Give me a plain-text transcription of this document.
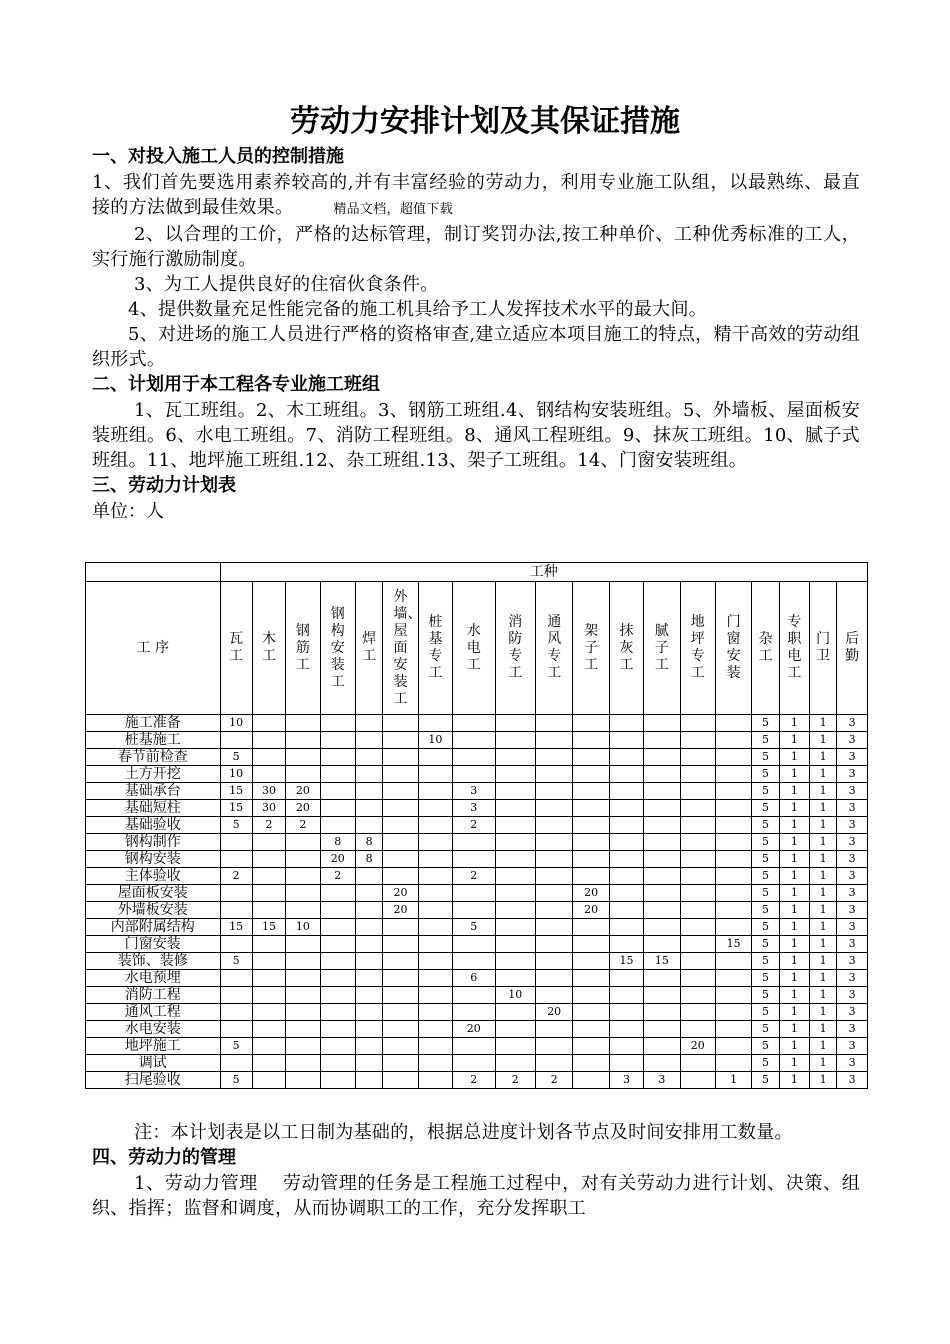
劳动力安排计划及其保证措施

一、对投入施工人员的控制措施

1、我们首先要选用素养较高的,并有丰富经验的劳动力，利用专业施工队组，以最熟练、最直接的方法做到最佳效果。	精品文档，超值下载

2、以合理的工价，严格的达标管理，制订奖罚办法,按工种单价、工种优秀标准的工人，实行施行激励制度。

3、为工人提供良好的住宿伙食条件。

4、提供数量充足性能完备的施工机具给予工人发挥技术水平的最大间。

5、对进场的施工人员进行严格的资格审查,建立适应本项目施工的特点，精干高效的劳动组织形式。

二、计划用于本工程各专业施工班组

1、瓦工班组。2、木工班组。3、钢筋工班组.4、钢结构安装班组。5、外墙板、屋面板安装班组。6、水电工班组。7、消防工程班组。8、通风工程班组。9、抹灰工班组。10、腻子式班组。11、地坪施工班组.12、杂工班组.13、架子工班组。14、门窗安装班组。

三、劳动力计划表

单位：人

	工种																		
工 序	瓦工	木工	钢筋工	钢构安装工	焊工	外墙、屋面安装工	桩基专工	水电工	消防专工	通风专工	架子工	抹灰工	腻子工	地坪专工	门窗安装	杂工	专职电工	门卫	后勤
施工准备	10															5	1	1	3
桩基施工							10									5	1	1	3
春节前检查	5															5	1	1	3
土方开挖	10															5	1	1	3
基础承台	15	30	20					3								5	1	1	3
基础短柱	15	30	20					3								5	1	1	3
基础验收	5	2	2					2								5	1	1	3
钢构制作				8	8											5	1	1	3
钢构安装				20	8											5	1	1	3
主体验收	2			2				2								5	1	1	3
屋面板安装						20					20					5	1	1	3
外墙板安装						20					20					5	1	1	3
内部附属结构	15	15	10					5								5	1	1	3
门窗安装															15	5	1	1	3
装饰、装修	5											15	15			5	1	1	3
水电预埋								6								5	1	1	3
消防工程									10							5	1	1	3
通风工程										20						5	1	1	3
水电安装								20								5	1	1	3
地坪施工	5													20		5	1	1	3
调试																5	1	1	3
扫尾验收	5							2	2	2		3	3		1	5	1	1	3

注：本计划表是以工日制为基础的，根据总进度计划各节点及时间安排用工数量。

四、劳动力的管理

1、劳动力管理　 劳动管理的任务是工程施工过程中，对有关劳动力进行计划、决策、组织、指挥；监督和调度，从而协调职工的工作，充分发挥职工
